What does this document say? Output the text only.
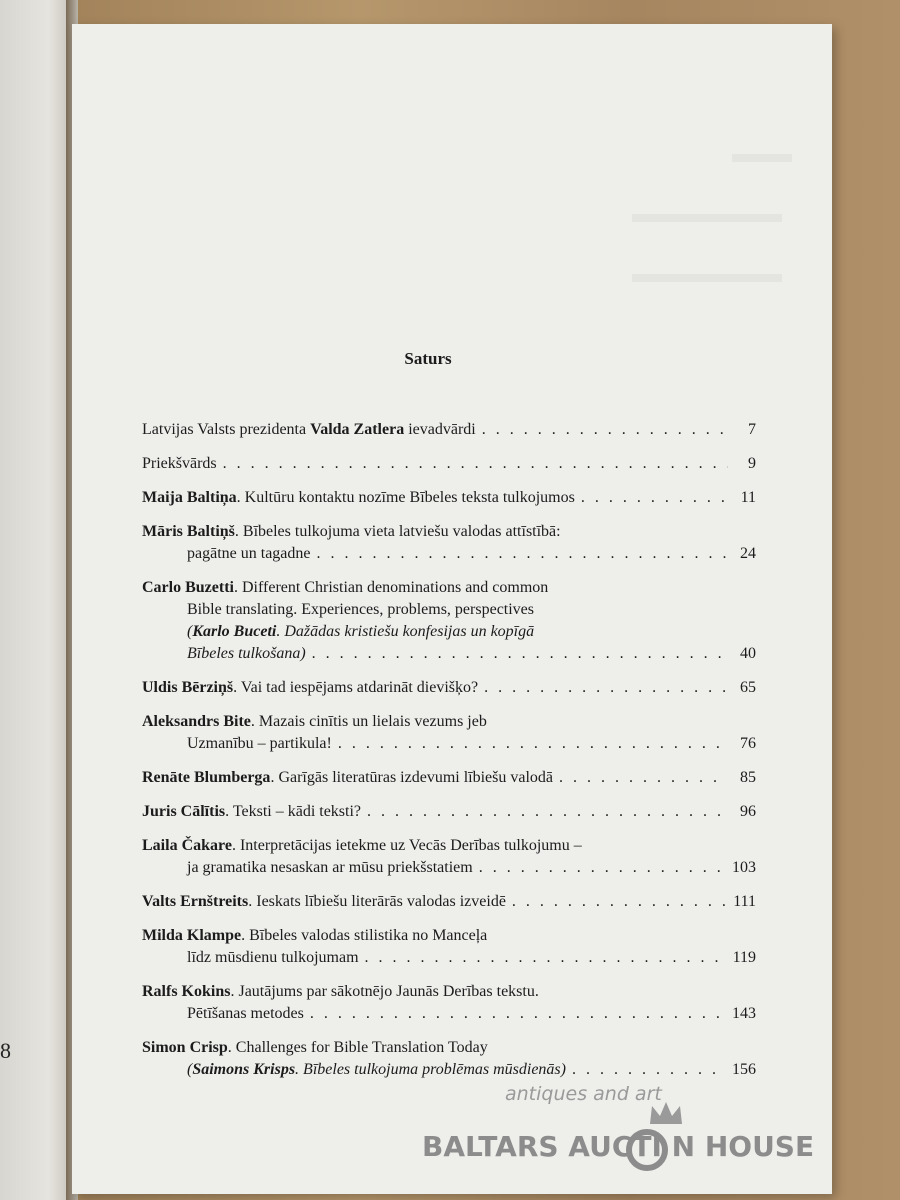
8
Saturs
Latvijas Valsts prezidenta Valda Zatlera ievadvārdi . . .	7
Priekšvārds . . .	9
Maija Baltiņa. Kultūru kontaktu nozīme Bībeles teksta tulkojumos . . .	11
Māris Baltiņš. Bībeles tulkojuma vieta latviešu valodas attīstībā:
pagātne un tagadne . . .	24
Carlo Buzetti. Different Christian denominations and common
Bible translating. Experiences, problems, perspectives
(Karlo Buceti. Dažādas kristiešu konfesijas un kopīgā
Bībeles tulkošana) . . .	40
Uldis Bērziņš. Vai tad iespējams atdarināt dievišķo? . . .	65
Aleksandrs Bite. Mazais cinītis un lielais vezums jeb
Uzmanību – partikula! . . .	76
Renāte Blumberga. Garīgās literatūras izdevumi lībiešu valodā . . .	85
Juris Cālītis. Teksti – kādi teksti? . . .	96
Laila Čakare. Interpretācijas ietekme uz Vecās Derības tulkojumu –
ja gramatika nesaskan ar mūsu priekšstatiem . . .	103
Valts Ernštreits. Ieskats lībiešu literārās valodas izveidē . . .	111
Milda Klampe. Bībeles valodas stilistika no Manceļa
līdz mūsdienu tulkojumam . . .	119
Ralfs Kokins. Jautājums par sākotnējo Jaunās Derības tekstu.
Pētīšanas metodes . . .	143
Simon Crisp. Challenges for Bible Translation Today
(Saimons Krisps. Bībeles tulkojuma problēmas mūsdienās) . . .	156
antiques and art
BALTARS AUCTI N HOUSE
